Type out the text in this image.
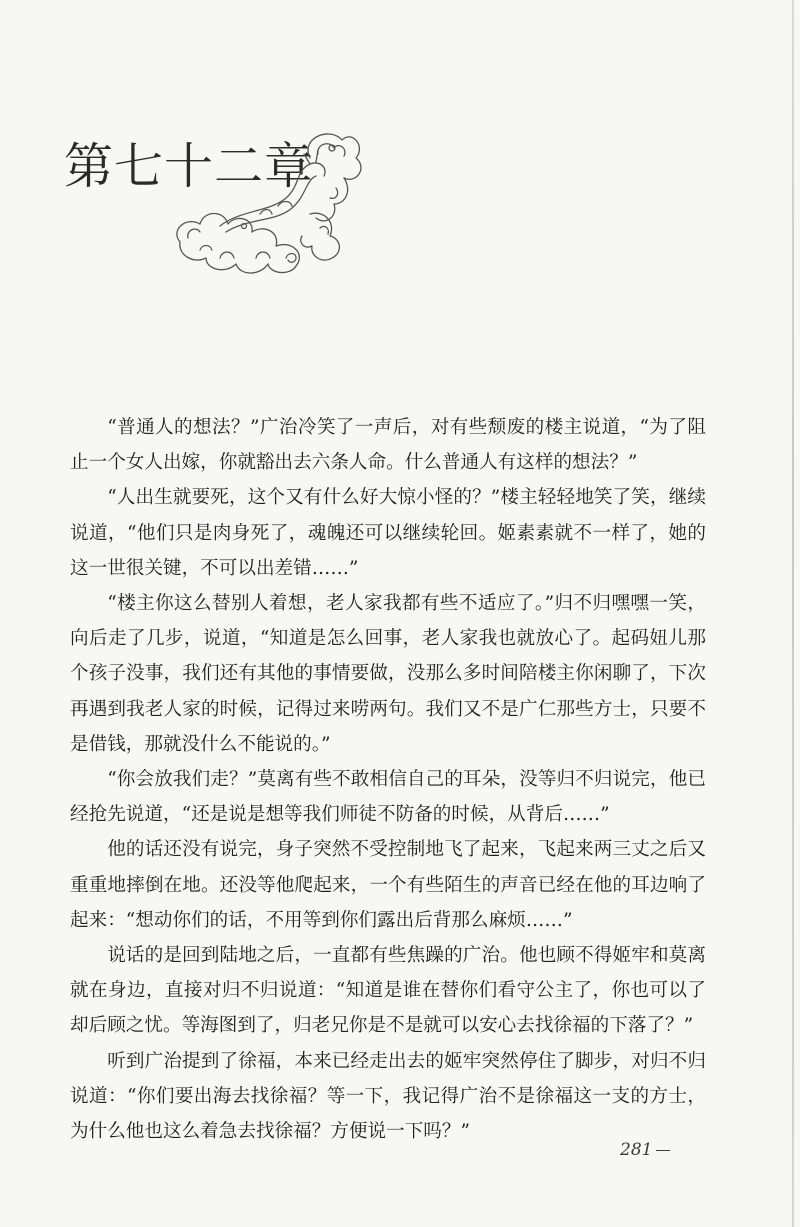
第七十二章

“普通人的想法？”广治冷笑了一声后，对有些颓废的楼主说道，“为了阻止一个女人出嫁，你就豁出去六条人命。什么普通人有这样的想法？”

“人出生就要死，这个又有什么好大惊小怪的？”楼主轻轻地笑了笑，继续说道，“他们只是肉身死了，魂魄还可以继续轮回。姬素素就不一样了，她的这一世很关键，不可以出差错……”

“楼主你这么替别人着想，老人家我都有些不适应了。”归不归嘿嘿一笑，向后走了几步，说道，“知道是怎么回事，老人家我也就放心了。起码妞儿那个孩子没事，我们还有其他的事情要做，没那么多时间陪楼主你闲聊了，下次再遇到我老人家的时候，记得过来唠两句。我们又不是广仁那些方士，只要不是借钱，那就没什么不能说的。”

“你会放我们走？”莫离有些不敢相信自己的耳朵，没等归不归说完，他已经抢先说道，“还是说是想等我们师徒不防备的时候，从背后……”

他的话还没有说完，身子突然不受控制地飞了起来，飞起来两三丈之后又重重地摔倒在地。还没等他爬起来，一个有些陌生的声音已经在他的耳边响了起来：“想动你们的话，不用等到你们露出后背那么麻烦……”

说话的是回到陆地之后，一直都有些焦躁的广治。他也顾不得姬牢和莫离就在身边，直接对归不归说道：“知道是谁在替你们看守公主了，你也可以了却后顾之忧。等海图到了，归老兄你是不是就可以安心去找徐福的下落了？”

听到广治提到了徐福，本来已经走出去的姬牢突然停住了脚步，对归不归说道：“你们要出海去找徐福？等一下，我记得广治不是徐福这一支的方士，为什么他也这么着急去找徐福？方便说一下吗？”

281
